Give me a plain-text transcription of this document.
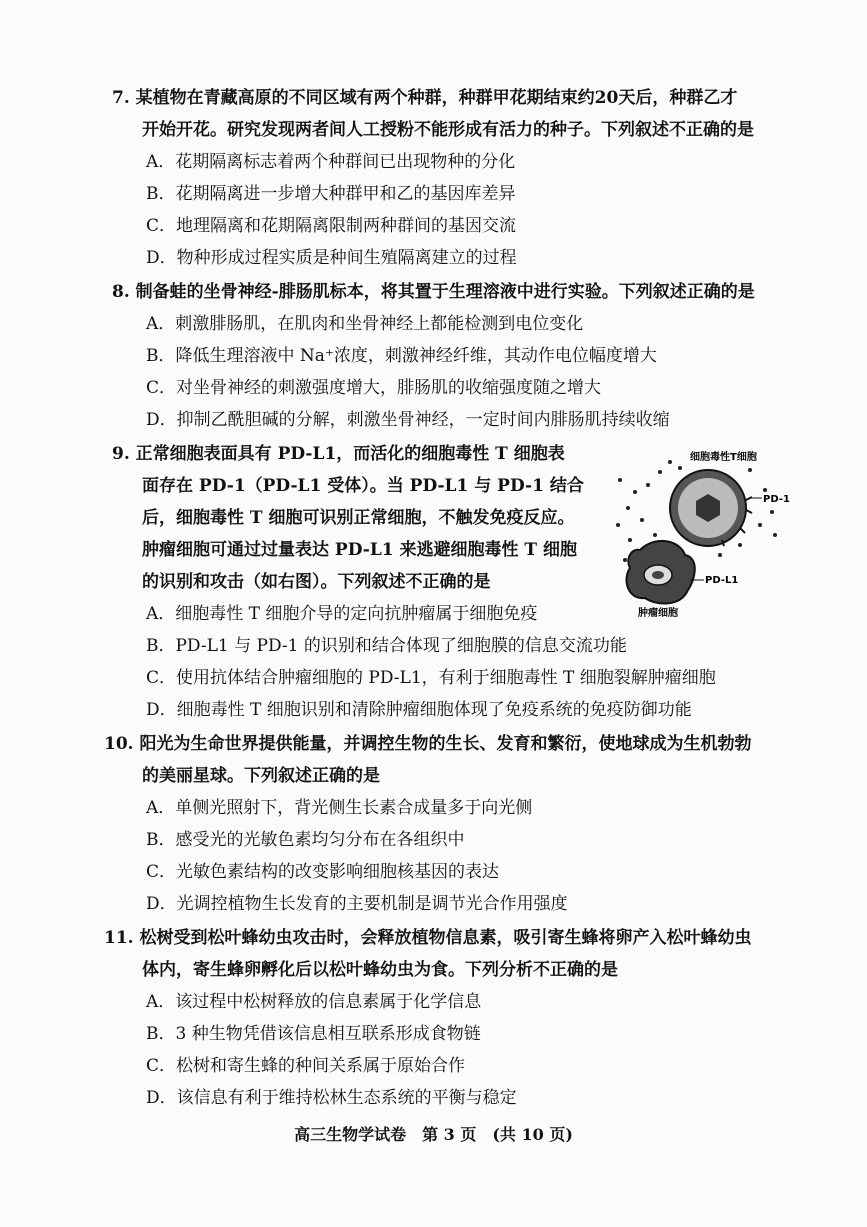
7. 某植物在青藏高原的不同区域有两个种群，种群甲花期结束约20天后，种群乙才
开始开花。研究发现两者间人工授粉不能形成有活力的种子。下列叙述不正确的是
A．花期隔离标志着两个种群间已出现物种的分化
B．花期隔离进一步增大种群甲和乙的基因库差异
C．地理隔离和花期隔离限制两种群间的基因交流
D．物种形成过程实质是种间生殖隔离建立的过程
8. 制备蛙的坐骨神经-腓肠肌标本，将其置于生理溶液中进行实验。下列叙述正确的是
A．刺激腓肠肌，在肌肉和坐骨神经上都能检测到电位变化
B．降低生理溶液中 Na⁺浓度，刺激神经纤维，其动作电位幅度增大
C．对坐骨神经的刺激强度增大，腓肠肌的收缩强度随之增大
D．抑制乙酰胆碱的分解，刺激坐骨神经，一定时间内腓肠肌持续收缩
9. 正常细胞表面具有 PD-L1，而活化的细胞毒性 T 细胞表
面存在 PD-1（PD-L1 受体）。当 PD-L1 与 PD-1 结合
后，细胞毒性 T 细胞可识别正常细胞，不触发免疫反应。
肿瘤细胞可通过过量表达 PD-L1 来逃避细胞毒性 T 细胞
的识别和攻击（如右图）。下列叙述不正确的是
A．细胞毒性 T 细胞介导的定向抗肿瘤属于细胞免疫
B．PD-L1 与 PD-1 的识别和结合体现了细胞膜的信息交流功能
C．使用抗体结合肿瘤细胞的 PD-L1，有利于细胞毒性 T 细胞裂解肿瘤细胞
D．细胞毒性 T 细胞识别和清除肿瘤细胞体现了免疫系统的免疫防御功能
细胞毒性T细胞
PD-1
PD-L1
肿瘤细胞
10. 阳光为生命世界提供能量，并调控生物的生长、发育和繁衍，使地球成为生机勃勃
的美丽星球。下列叙述正确的是
A．单侧光照射下，背光侧生长素合成量多于向光侧
B．感受光的光敏色素均匀分布在各组织中
C．光敏色素结构的改变影响细胞核基因的表达
D．光调控植物生长发育的主要机制是调节光合作用强度
11. 松树受到松叶蜂幼虫攻击时，会释放植物信息素，吸引寄生蜂将卵产入松叶蜂幼虫
体内，寄生蜂卵孵化后以松叶蜂幼虫为食。下列分析不正确的是
A．该过程中松树释放的信息素属于化学信息
B．3 种生物凭借该信息相互联系形成食物链
C．松树和寄生蜂的种间关系属于原始合作
D．该信息有利于维持松林生态系统的平衡与稳定
高三生物学试卷　第 3 页　(共 10 页)
